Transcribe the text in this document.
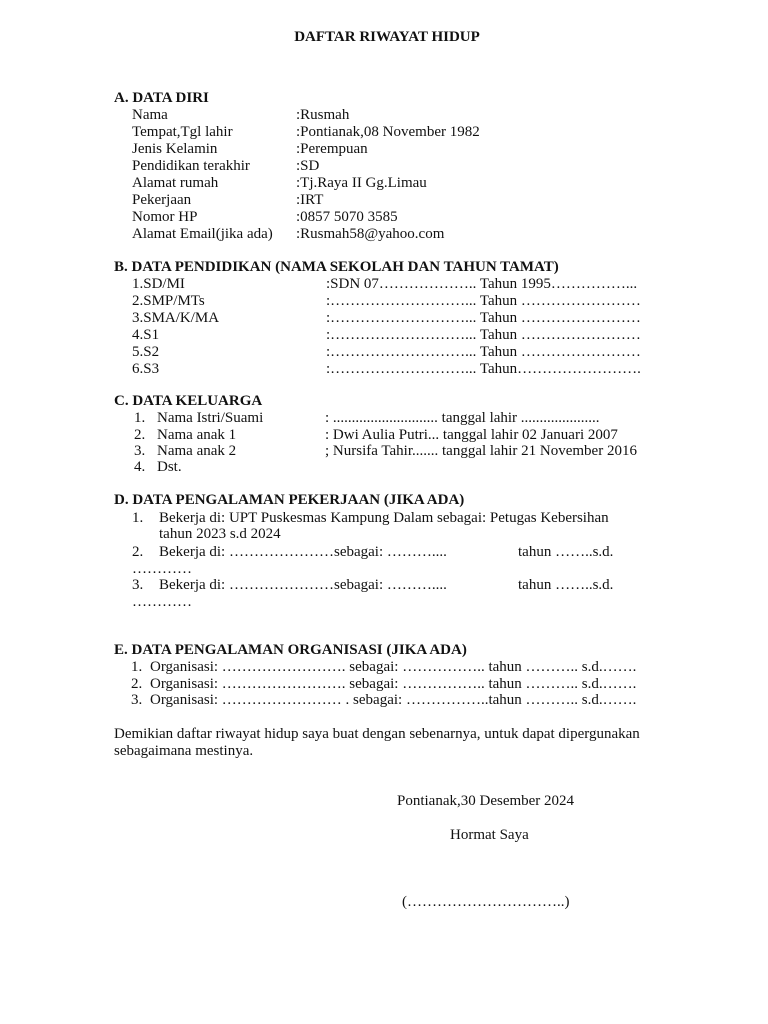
DAFTAR RIWAYAT HIDUP
A. DATA DIRI
Nama	:Rusmah
Tempat,Tgl lahir	:Pontianak,08 November 1982
Jenis Kelamin	:Perempuan
Pendidikan terakhir	:SD
Alamat rumah	:Tj.Raya II Gg.Limau
Pekerjaan	:IRT
Nomor HP	:0857 5070 3585
Alamat Email(jika ada) :Rusmah58@yahoo.com
B. DATA PENDIDIKAN (NAMA SEKOLAH DAN TAHUN TAMAT)
1.SD/MI	:SDN 07……………….. Tahun 1995……………...
2.SMP/MTs	:………………………... Tahun ……………………
3.SMA/K/MA	:………………………... Tahun ……………………
4.S1	:………………………... Tahun ……………………
5.S2	:………………………... Tahun ……………………
6.S3	:………………………... Tahun…………………….
C. DATA KELUARGA
1. Nama Istri/Suami	: ............................ tanggal lahir .....................
2. Nama anak 1	: Dwi Aulia Putri... tanggal lahir 02 Januari 2007
3. Nama anak 2	; Nursifa Tahir....... tanggal lahir 21 November 2016
4. Dst.
D. DATA PENGALAMAN PEKERJAAN (JIKA ADA)
1. Bekerja di: UPT Puskesmas Kampung Dalam sebagai: Petugas Kebersihan
tahun 2023 s.d 2024
2. Bekerja di: …………………sebagai: ………....	tahun ……..s.d.
…………
3. Bekerja di: …………………sebagai: ………....	tahun ……..s.d.
…………
E. DATA PENGALAMAN ORGANISASI (JIKA ADA)
1. Organisasi: ……………………. sebagai: …………….. tahun ……….. s.d.…….
2. Organisasi: ……………………. sebagai: …………….. tahun ……….. s.d.…….
3. Organisasi: …………………… . sebagai: ……………..tahun ……….. s.d.…….
Demikian daftar riwayat hidup saya buat dengan sebenarnya, untuk dapat dipergunakan
sebagaimana mestinya.
Pontianak,30 Desember 2024
Hormat Saya
(…………………………..)
